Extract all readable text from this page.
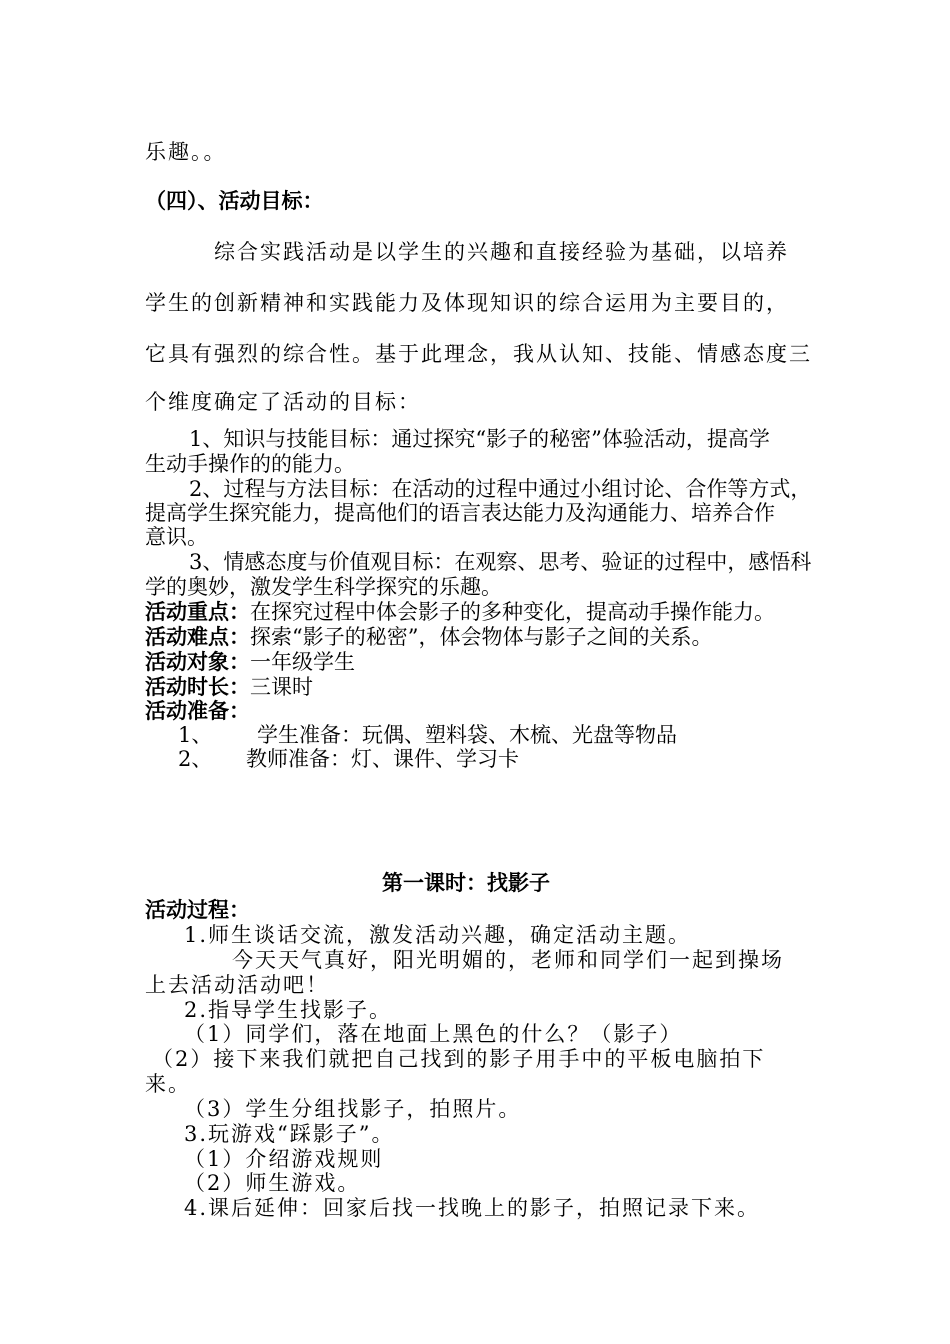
乐趣。。

（四）、活动目标：

综合实践活动是以学生的兴趣和直接经验为基础，以培养

学生的创新精神和实践能力及体现知识的综合运用为主要目的，

它具有强烈的综合性。基于此理念，我从认知、技能、情感态度三

个维度确定了活动的目标：

1、知识与技能目标：通过探究“影子的秘密”体验活动，提高学

生动手操作的的能力。

2、过程与方法目标：在活动的过程中通过小组讨论、合作等方式，

提高学生探究能力，提高他们的语言表达能力及沟通能力、培养合作

意识。

3、情感态度与价值观目标：在观察、思考、验证的过程中，感悟科

学的奥妙，激发学生科学探究的乐趣。

活动重点：在探究过程中体会影子的多种变化，提高动手操作能力。

活动难点：探索“影子的秘密”，体会物体与影子之间的关系。

活动对象：一年级学生

活动时长：三课时

活动准备：

1、 学生准备：玩偶、塑料袋、木梳、光盘等物品

2、 教师准备：灯、课件、学习卡

第一课时：找影子

活动过程：

1.师生谈话交流，激发活动兴趣，确定活动主题。

今天天气真好，阳光明媚的，老师和同学们一起到操场

上去活动活动吧！

2.指导学生找影子。

（1）同学们，落在地面上黑色的什么？（影子）

（2）接下来我们就把自己找到的影子用手中的平板电脑拍下

来。

（3）学生分组找影子，拍照片。

3.玩游戏“踩影子”。

（1）介绍游戏规则

（2）师生游戏。

4.课后延伸：回家后找一找晚上的影子，拍照记录下来。
